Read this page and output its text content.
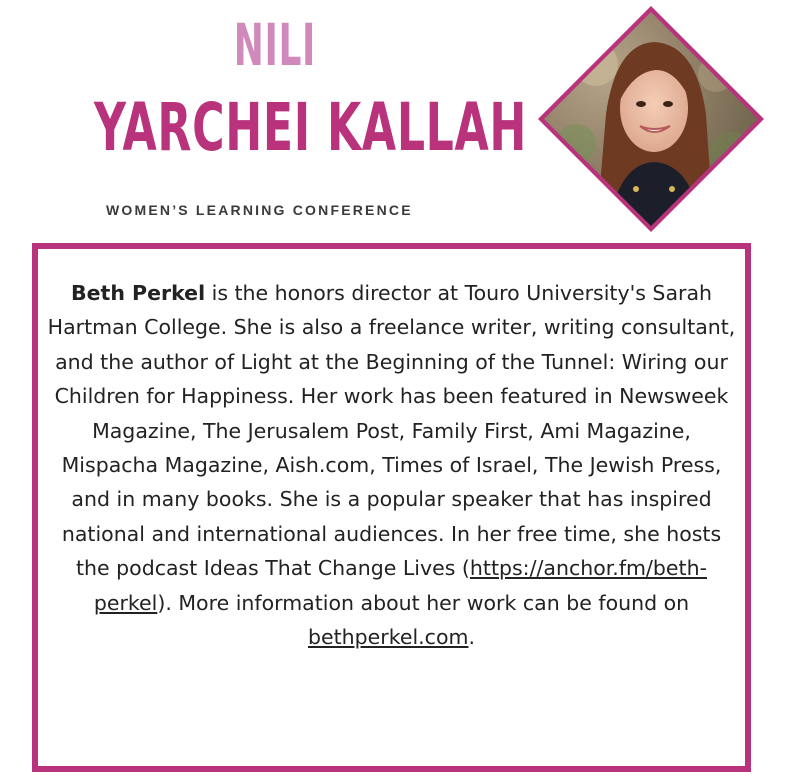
NILI
YARCHEI KALLAH
WOMEN’S LEARNING CONFERENCE

Beth Perkel is the honors director at Touro University's Sarah Hartman College. She is also a freelance writer, writing consultant, and the author of Light at the Beginning of the Tunnel: Wiring our Children for Happiness. Her work has been featured in Newsweek Magazine, The Jerusalem Post, Family First, Ami Magazine, Mispacha Magazine, Aish.com, Times of Israel, The Jewish Press, and in many books. She is a popular speaker that has inspired national and international audiences. In her free time, she hosts the podcast Ideas That Change Lives (https://anchor.fm/beth-perkel). More information about her work can be found on bethperkel.com.
